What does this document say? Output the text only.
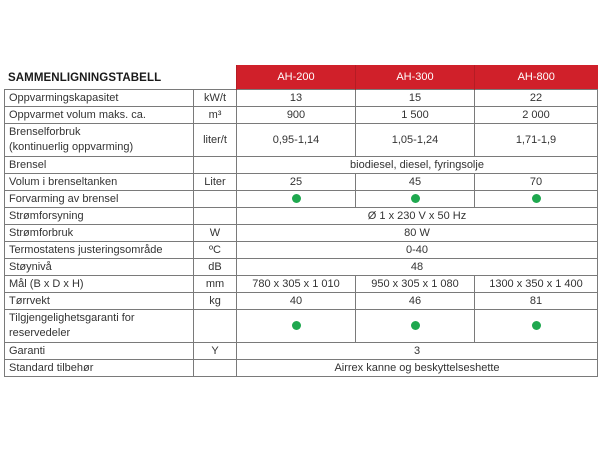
SAMMENLIGNINGSTABELL
			AH-200	AH-300	AH-800
Oppvarmingskapasitet	kW/t	13	15	22
Oppvarmet volum maks. ca.	m³	900	1 500	2 000
Brenselforbruk
(kontinuerlig oppvarming)	liter/t	0,95-1,14	1,05-1,24	1,71-1,9
Brensel		biodiesel, diesel, fyringsolje		
Volum i brenseltanken	Liter	25	45	70
Forvarming av brensel				
Strømforsyning		Ø 1 x 230 V x 50 Hz		
Strømforbruk	W	80 W		
Termostatens justeringsområde	ºC	0-40		
Støynivå	dB	48		
Mål (B x D x H)	mm	780 x 305 x 1 010	950 x 305 x 1 080	1300 x 350 x 1 400
Tørrvekt	kg	40	46	81
Tilgjengelighetsgaranti for
reservedeler				
Garanti	Y	3		
Standard tilbehør		Airrex kanne og beskyttelseshette		
